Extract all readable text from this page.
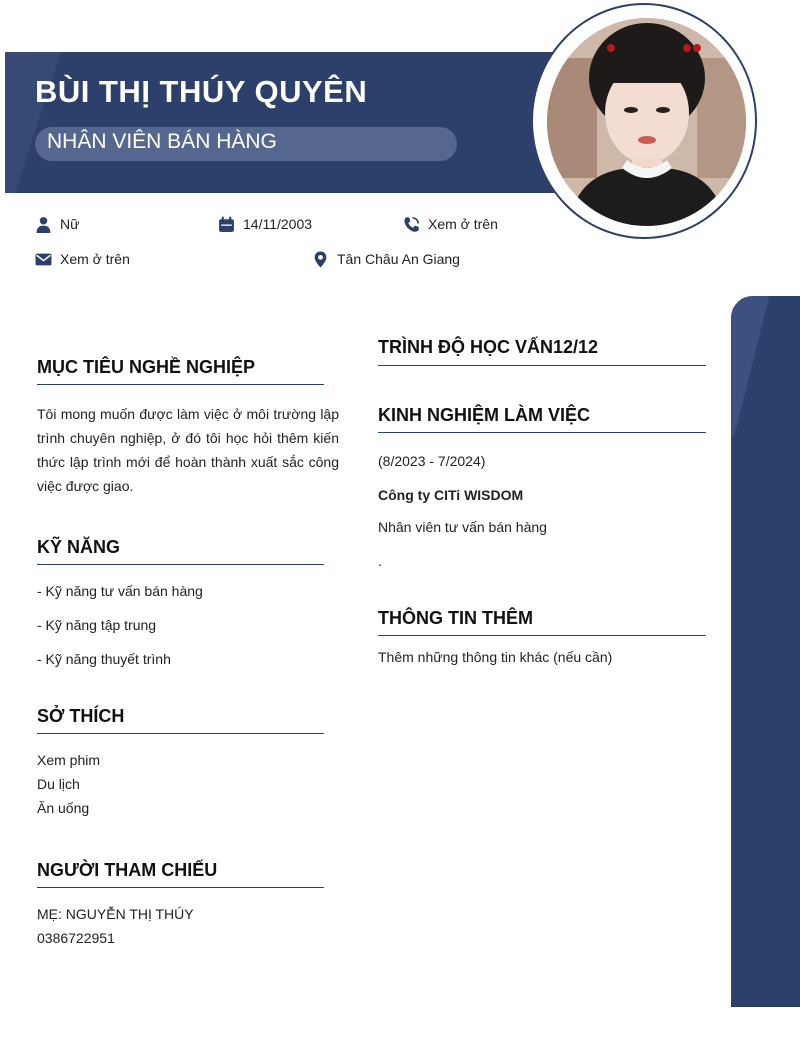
BÙI THỊ THÚY QUYÊN
NHÂN VIÊN BÁN HÀNG
Nữ	14/11/2003	Xem ở trên
Xem ở trên	Tân Châu An Giang
MỤC TIÊU NGHỀ NGHIỆP
Tôi mong muốn được làm việc ở môi trường lập trình chuyên nghiệp, ở đó tôi học hỏi thêm kiến thức lập trình mới để hoàn thành xuất sắc công việc được giao.
KỸ NĂNG
- Kỹ năng tư vấn bán hàng
- Kỹ năng tập trung
- Kỹ năng thuyết trình
SỞ THÍCH
Xem phim
Du lịch
Ăn uống
NGƯỜI THAM CHIẾU
MẸ: NGUYỄN THỊ THÚY
0386722951
TRÌNH ĐỘ HỌC VẤN12/12
KINH NGHIỆM LÀM VIỆC
(8/2023 - 7/2024)
Công ty CITi WISDOM
Nhân viên tư vấn bán hàng
.
THÔNG TIN THÊM
Thêm những thông tin khác (nếu cần)
